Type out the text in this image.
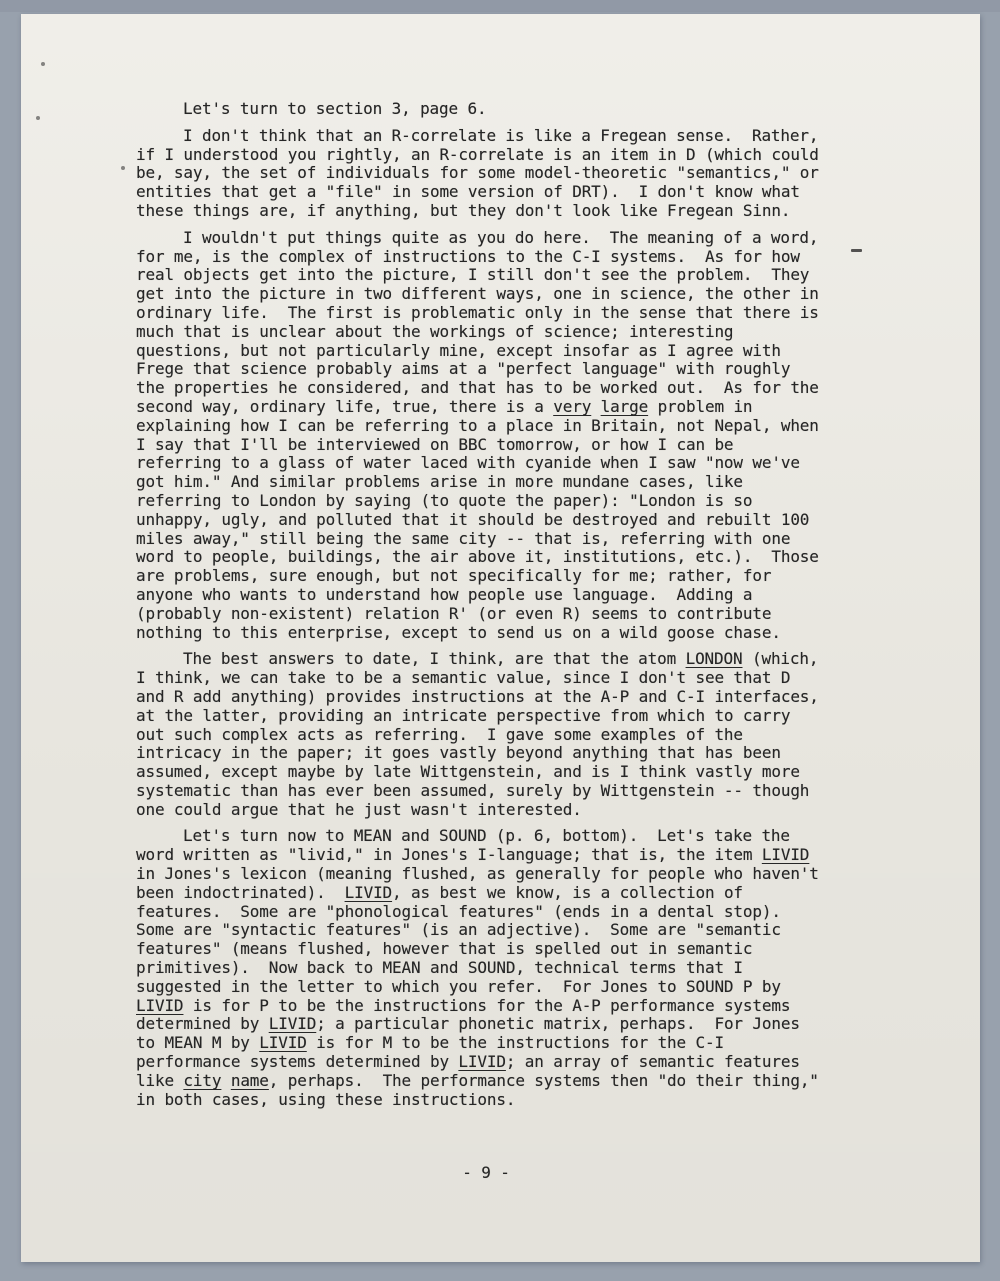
Let's turn to section 3, page 6.
I don't think that an R-correlate is like a Fregean sense.  Rather,
if I understood you rightly, an R-correlate is an item in D (which could
be, say, the set of individuals for some model-theoretic "semantics," or
entities that get a "file" in some version of DRT).  I don't know what
these things are, if anything, but they don't look like Fregean Sinn.
I wouldn't put things quite as you do here.  The meaning of a word,
for me, is the complex of instructions to the C-I systems.  As for how
real objects get into the picture, I still don't see the problem.  They
get into the picture in two different ways, one in science, the other in
ordinary life.  The first is problematic only in the sense that there is
much that is unclear about the workings of science; interesting
questions, but not particularly mine, except insofar as I agree with
Frege that science probably aims at a "perfect language" with roughly
the properties he considered, and that has to be worked out.  As for the
second way, ordinary life, true, there is a very large problem in
explaining how I can be referring to a place in Britain, not Nepal, when
I say that I'll be interviewed on BBC tomorrow, or how I can be
referring to a glass of water laced with cyanide when I saw "now we've
got him." And similar problems arise in more mundane cases, like
referring to London by saying (to quote the paper): "London is so
unhappy, ugly, and polluted that it should be destroyed and rebuilt 100
miles away," still being the same city -- that is, referring with one
word to people, buildings, the air above it, institutions, etc.).  Those
are problems, sure enough, but not specifically for me; rather, for
anyone who wants to understand how people use language.  Adding a
(probably non-existent) relation R' (or even R) seems to contribute
nothing to this enterprise, except to send us on a wild goose chase.
The best answers to date, I think, are that the atom LONDON (which,
I think, we can take to be a semantic value, since I don't see that D
and R add anything) provides instructions at the A-P and C-I interfaces,
at the latter, providing an intricate perspective from which to carry
out such complex acts as referring.  I gave some examples of the
intricacy in the paper; it goes vastly beyond anything that has been
assumed, except maybe by late Wittgenstein, and is I think vastly more
systematic than has ever been assumed, surely by Wittgenstein -- though
one could argue that he just wasn't interested.
Let's turn now to MEAN and SOUND (p. 6, bottom).  Let's take the
word written as "livid," in Jones's I-language; that is, the item LIVID
in Jones's lexicon (meaning flushed, as generally for people who haven't
been indoctrinated).  LIVID, as best we know, is a collection of
features.  Some are "phonological features" (ends in a dental stop).
Some are "syntactic features" (is an adjective).  Some are "semantic
features" (means flushed, however that is spelled out in semantic
primitives).  Now back to MEAN and SOUND, technical terms that I
suggested in the letter to which you refer.  For Jones to SOUND P by
LIVID is for P to be the instructions for the A-P performance systems
determined by LIVID; a particular phonetic matrix, perhaps.  For Jones
to MEAN M by LIVID is for M to be the instructions for the C-I
performance systems determined by LIVID; an array of semantic features
like city name, perhaps.  The performance systems then "do their thing,"
in both cases, using these instructions.
- 9 -
